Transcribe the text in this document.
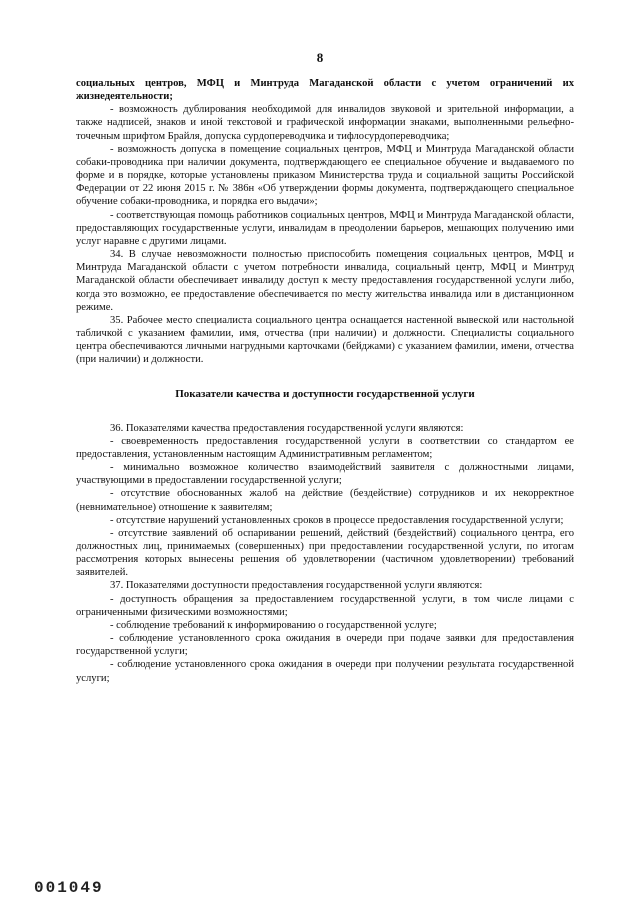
8

социальных центров, МФЦ и Минтруда Магаданской области с учетом ограничений их жизнедеятельности;

- возможность дублирования необходимой для инвалидов звуковой и зрительной информации, а также надписей, знаков и иной текстовой и графической информации знаками, выполненными рельефно-точечным шрифтом Брайля, допуска сурдопереводчика и тифлосурдопереводчика;

- возможность допуска в помещение социальных центров, МФЦ и Минтруда Магаданской области собаки-проводника при наличии документа, подтверждающего ее специальное обучение и выдаваемого по форме и в порядке, которые установлены приказом Министерства труда и социальной защиты Российской Федерации от 22 июня 2015 г. № 386н «Об утверждении формы документа, подтверждающего специальное обучение собаки-проводника, и порядка его выдачи»;

- соответствующая помощь работников социальных центров, МФЦ и Минтруда Магаданской области, предоставляющих государственные услуги, инвалидам в преодолении барьеров, мешающих получению ими услуг наравне с другими лицами.

34. В случае невозможности полностью приспособить помещения социальных центров, МФЦ и Минтруда Магаданской области с учетом потребности инвалида, социальный центр, МФЦ и Минтруд Магаданской области обеспечивает инвалиду доступ к месту предоставления государственной услуги либо, когда это возможно, ее предоставление обеспечивается по месту жительства инвалида или в дистанционном режиме.

35. Рабочее место специалиста социального центра оснащается настенной вывеской или настольной табличкой с указанием фамилии, имя, отчества (при наличии) и должности. Специалисты социального центра обеспечиваются личными нагрудными карточками (бейджами) с указанием фамилии, имени, отчества (при наличии) и должности.

Показатели качества и доступности государственной услуги

36. Показателями качества предоставления государственной услуги являются:

- своевременность предоставления государственной услуги в соответствии со стандартом ее предоставления, установленным настоящим Административным регламентом;

- минимально возможное количество взаимодействий заявителя с должностными лицами, участвующими в предоставлении государственной услуги;

- отсутствие обоснованных жалоб на действие (бездействие) сотрудников и их некорректное (невнимательное) отношение к заявителям;

- отсутствие нарушений установленных сроков в процессе предоставления государственной услуги;

- отсутствие заявлений об оспаривании решений, действий (бездействий) социального центра, его должностных лиц, принимаемых (совершенных) при предоставлении государственной услуги, по итогам рассмотрения которых вынесены решения об удовлетворении (частичном удовлетворении) требований заявителей.

37. Показателями доступности предоставления государственной услуги являются:

- доступность обращения за предоставлением государственной услуги, в том числе лицами с ограниченными физическими возможностями;

- соблюдение требований к информированию о государственной услуге;

- соблюдение установленного срока ожидания в очереди при подаче заявки для предоставления государственной услуги;

- соблюдение установленного срока ожидания в очереди при получении результата государственной услуги;

001049
